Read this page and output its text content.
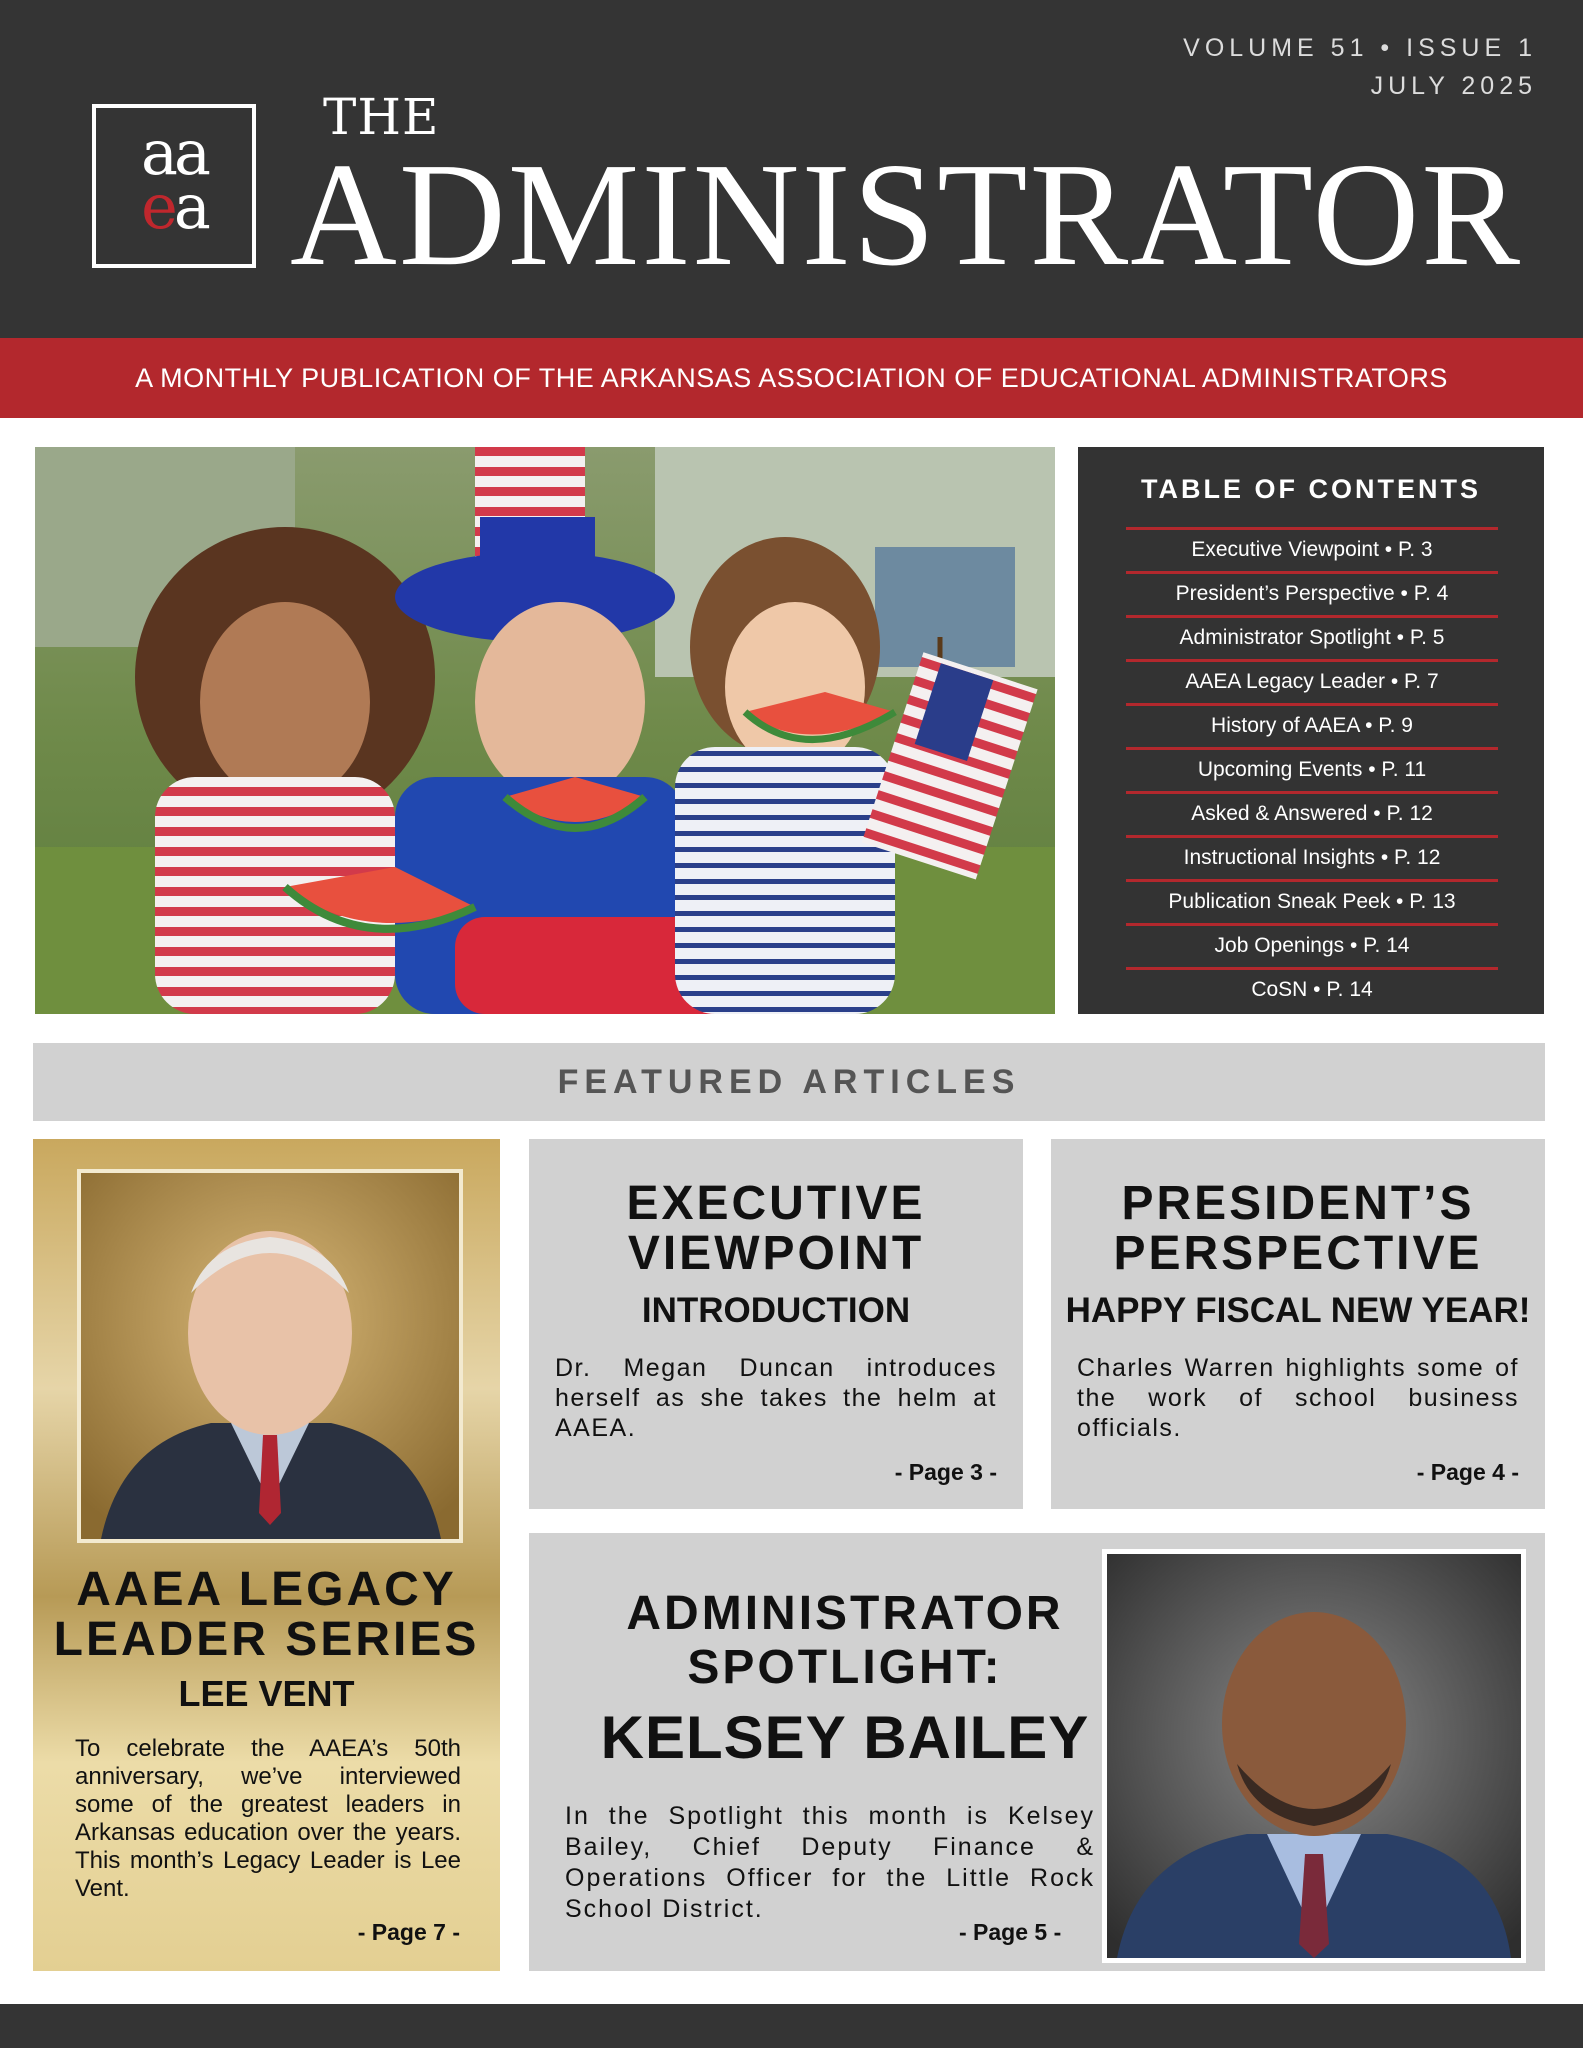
VOLUME 51 • ISSUE 1
JULY 2025
aa
ea
THE
ADMINISTRATOR
A MONTHLY PUBLICATION OF THE ARKANSAS ASSOCIATION OF EDUCATIONAL ADMINISTRATORS
TABLE OF CONTENTS
Executive Viewpoint • P. 3
President’s Perspective • P. 4
Administrator Spotlight • P. 5
AAEA Legacy Leader • P. 7
History of AAEA • P. 9
Upcoming Events • P. 11
Asked & Answered • P. 12
Instructional Insights • P. 12
Publication Sneak Peek • P. 13
Job Openings • P. 14
CoSN • P. 14
FEATURED ARTICLES
AAEA LEGACY
LEADER SERIES
LEE VENT
To celebrate the AAEA’s 50th anniversary, we’ve interviewed some of the greatest leaders in Arkansas education over the years. This month’s Legacy Leader is Lee Vent.
- Page 7 -
EXECUTIVE
VIEWPOINT
INTRODUCTION
Dr. Megan Duncan introduces herself as she takes the helm at AAEA.
- Page 3 -
PRESIDENT’S
PERSPECTIVE
HAPPY FISCAL NEW YEAR!
Charles Warren highlights some of the work of school business officials.
- Page 4 -
ADMINISTRATOR
SPOTLIGHT:
KELSEY BAILEY
In the Spotlight this month is Kelsey Bailey, Chief Deputy Finance & Operations Officer for the Little Rock School District.
- Page 5 -
